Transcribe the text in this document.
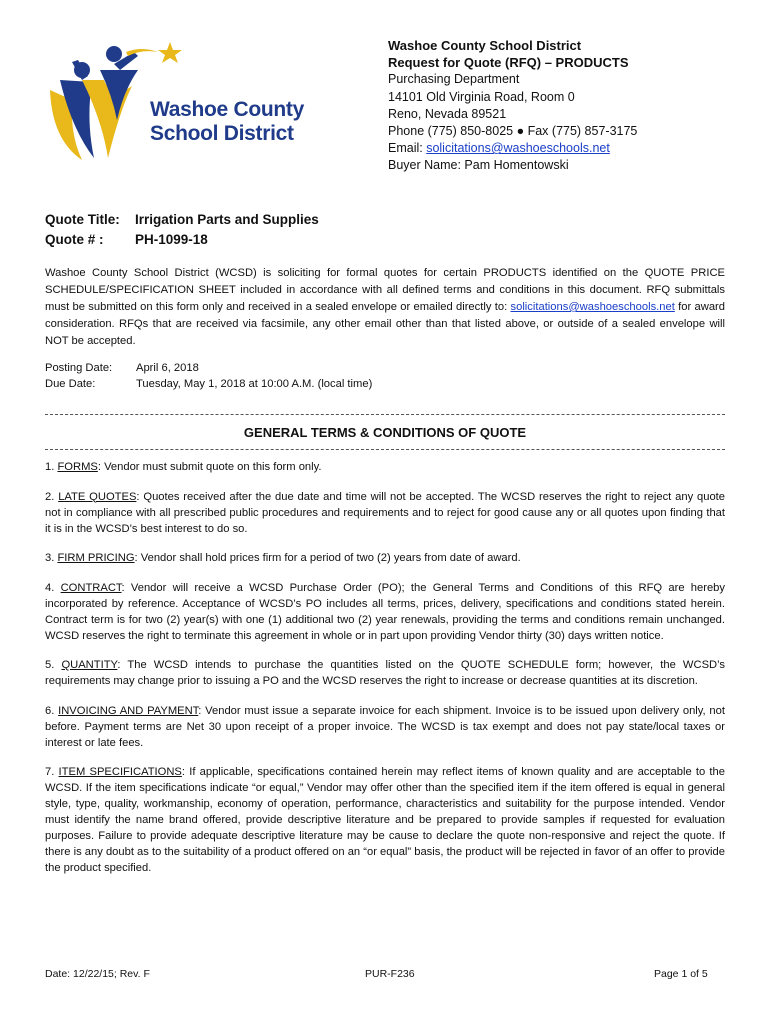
Washoe County
School District
Washoe County School District
Request for Quote (RFQ) – PRODUCTS
Purchasing Department
14101 Old Virginia Road, Room 0
Reno, Nevada 89521
Phone (775) 850-8025 ● Fax (775) 857-3175
Email: solicitations@washoeschools.net
Buyer Name: Pam Homentowski
Quote Title:	Irrigation Parts and Supplies
Quote # :	PH-1099-18
Washoe County School District (WCSD) is soliciting for formal quotes for certain PRODUCTS identified on the QUOTE PRICE SCHEDULE/SPECIFICATION SHEET included in accordance with all defined terms and conditions in this document. RFQ submittals must be submitted on this form only and received in a sealed envelope or emailed directly to: solicitations@washoeschools.net for award consideration. RFQs that are received via facsimile, any other email other than that listed above, or outside of a sealed envelope will NOT be accepted.
Posting Date:	April 6, 2018
Due Date:	Tuesday, May 1, 2018 at 10:00 A.M. (local time)
GENERAL TERMS & CONDITIONS OF QUOTE

1. FORMS: Vendor must submit quote on this form only.

2. LATE QUOTES: Quotes received after the due date and time will not be accepted. The WCSD reserves the right to reject any quote not in compliance with all prescribed public procedures and requirements and to reject for good cause any or all quotes upon finding that it is in the WCSD’s best interest to do so.

3. FIRM PRICING: Vendor shall hold prices firm for a period of two (2) years from date of award.

4. CONTRACT: Vendor will receive a WCSD Purchase Order (PO); the General Terms and Conditions of this RFQ are hereby incorporated by reference. Acceptance of WCSD’s PO includes all terms, prices, delivery, specifications and conditions stated herein. Contract term is for two (2) year(s) with one (1) additional two (2) year renewals, providing the terms and conditions remain unchanged. WCSD reserves the right to terminate this agreement in whole or in part upon providing Vendor thirty (30) days written notice.

5. QUANTITY: The WCSD intends to purchase the quantities listed on the QUOTE SCHEDULE form; however, the WCSD’s requirements may change prior to issuing a PO and the WCSD reserves the right to increase or decrease quantities at its discretion.

6. INVOICING AND PAYMENT: Vendor must issue a separate invoice for each shipment. Invoice is to be issued upon delivery only, not before. Payment terms are Net 30 upon receipt of a proper invoice. The WCSD is tax exempt and does not pay state/local taxes or interest or late fees.

7. ITEM SPECIFICATIONS: If applicable, specifications contained herein may reflect items of known quality and are acceptable to the WCSD. If the item specifications indicate “or equal,” Vendor may offer other than the specified item if the item offered is equal in general style, type, quality, workmanship, economy of operation, performance, characteristics and suitability for the purpose intended. Vendor must identify the name brand offered, provide descriptive literature and be prepared to provide samples if requested for evaluation purposes. Failure to provide adequate descriptive literature may be cause to declare the quote non-responsive and reject the quote. If there is any doubt as to the suitability of a product offered on an “or equal” basis, the product will be rejected in favor of an offer to provide the product specified.

Date: 12/22/15; Rev. F	PUR-F236	Page 1 of 5
